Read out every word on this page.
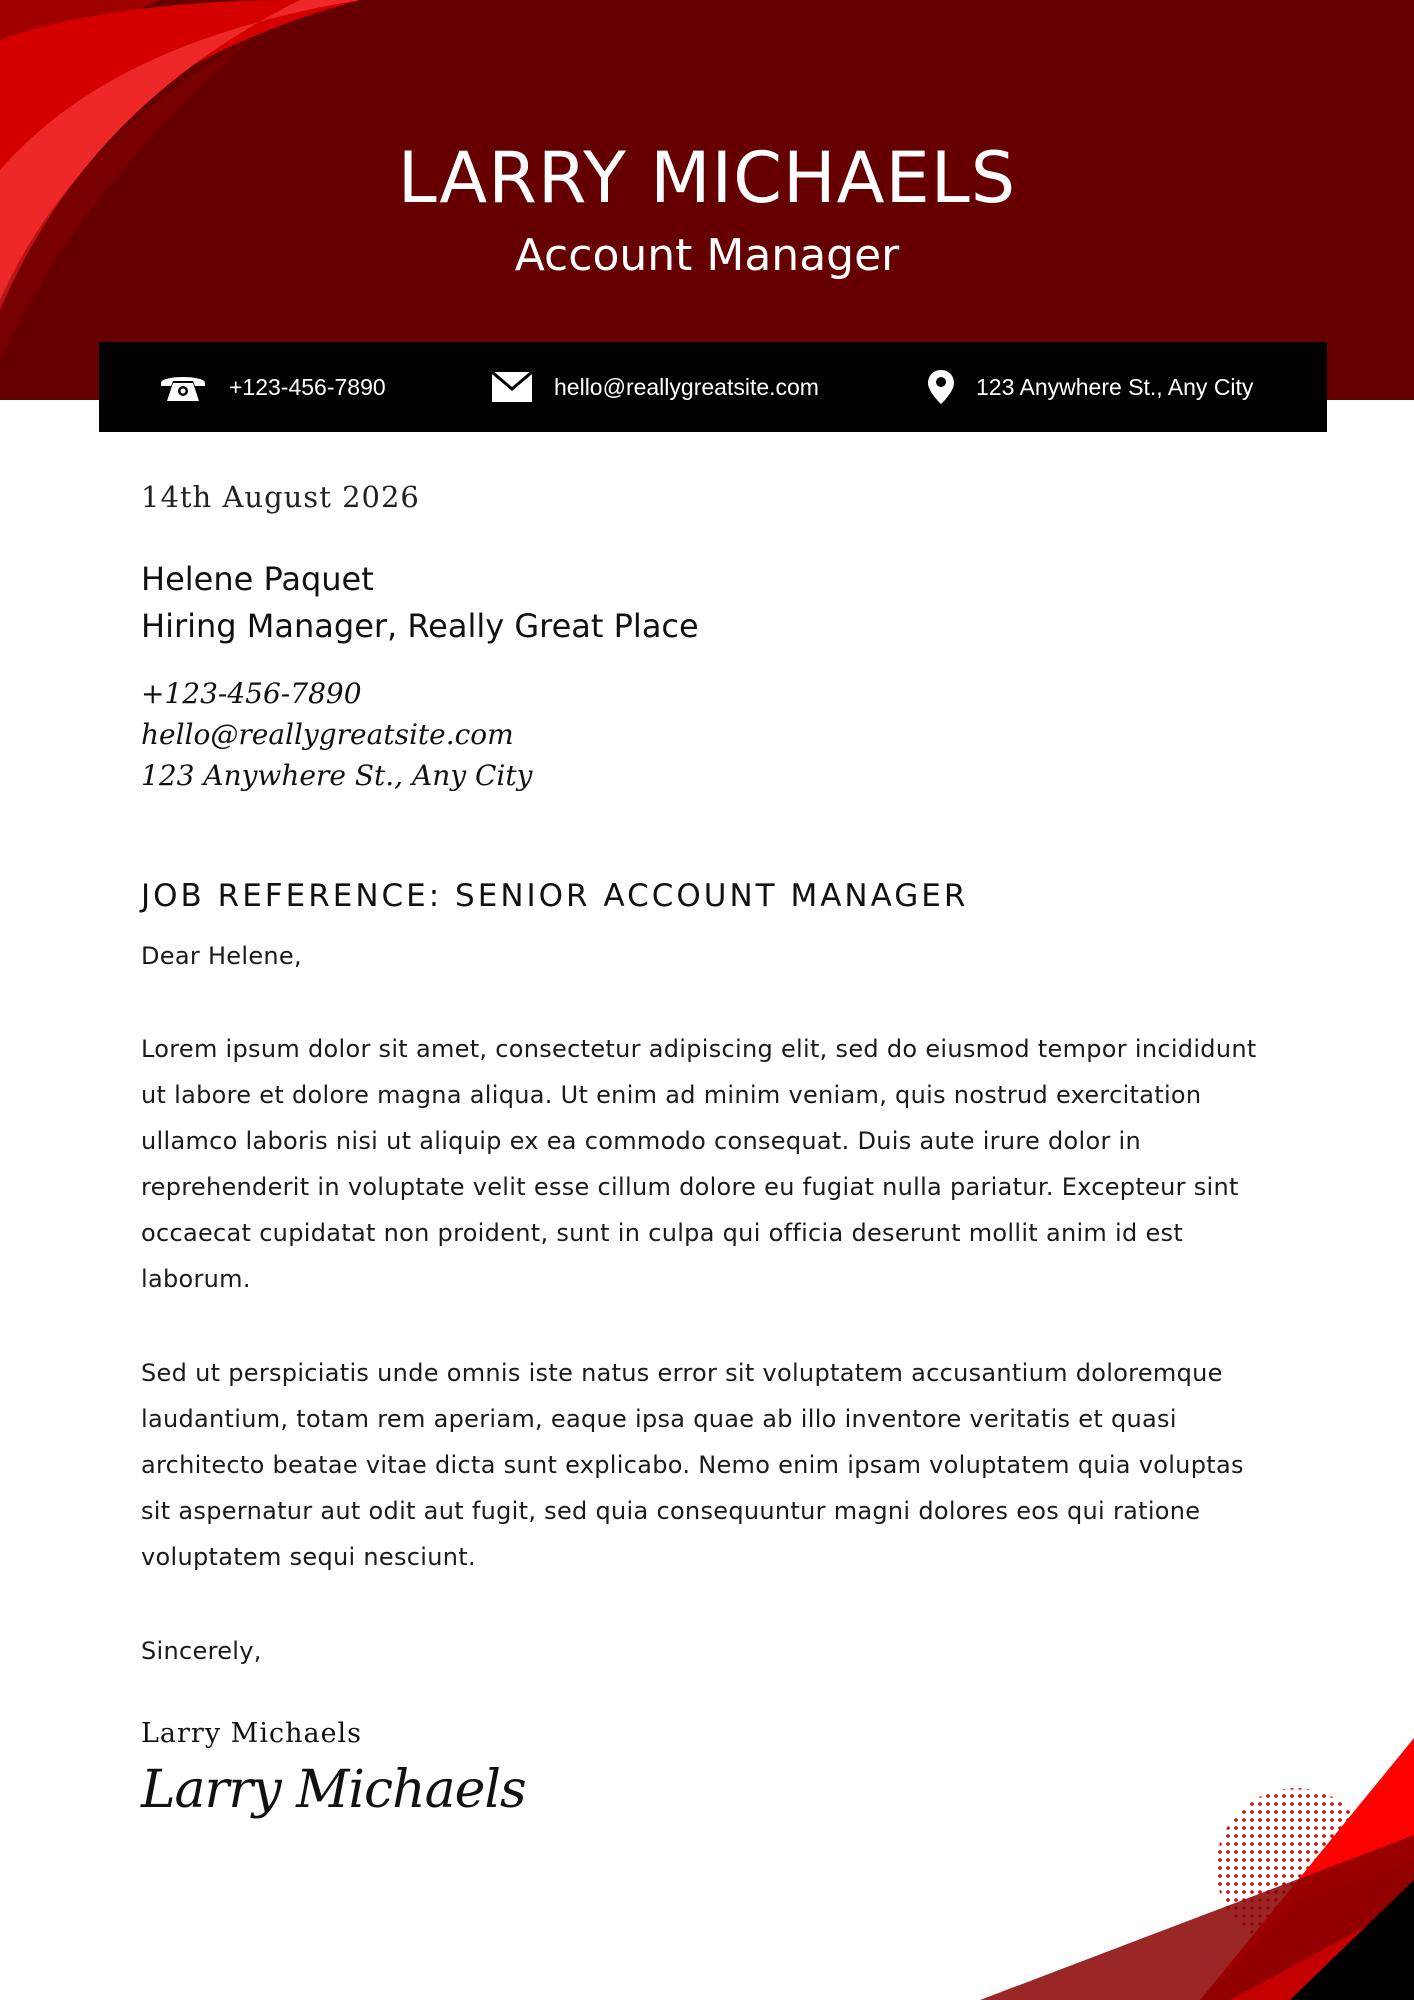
LARRY MICHAELS
Account Manager
+123-456-7890	hello@reallygreatsite.com	123 Anywhere St., Any City
14th August 2026
Helene Paquet
Hiring Manager, Really Great Place
+123-456-7890
hello@reallygreatsite.com
123 Anywhere St., Any City
JOB REFERENCE: SENIOR ACCOUNT MANAGER
Dear Helene,
Lorem ipsum dolor sit amet, consectetur adipiscing elit, sed do eiusmod tempor incididunt ut labore et dolore magna aliqua. Ut enim ad minim veniam, quis nostrud exercitation ullamco laboris nisi ut aliquip ex ea commodo consequat. Duis aute irure dolor in reprehenderit in voluptate velit esse cillum dolore eu fugiat nulla pariatur. Excepteur sint occaecat cupidatat non proident, sunt in culpa qui officia deserunt mollit anim id est laborum.
Sed ut perspiciatis unde omnis iste natus error sit voluptatem accusantium doloremque laudantium, totam rem aperiam, eaque ipsa quae ab illo inventore veritatis et quasi architecto beatae vitae dicta sunt explicabo. Nemo enim ipsam voluptatem quia voluptas sit aspernatur aut odit aut fugit, sed quia consequuntur magni dolores eos qui ratione voluptatem sequi nesciunt.
Sincerely,
Larry Michaels
Larry Michaels
